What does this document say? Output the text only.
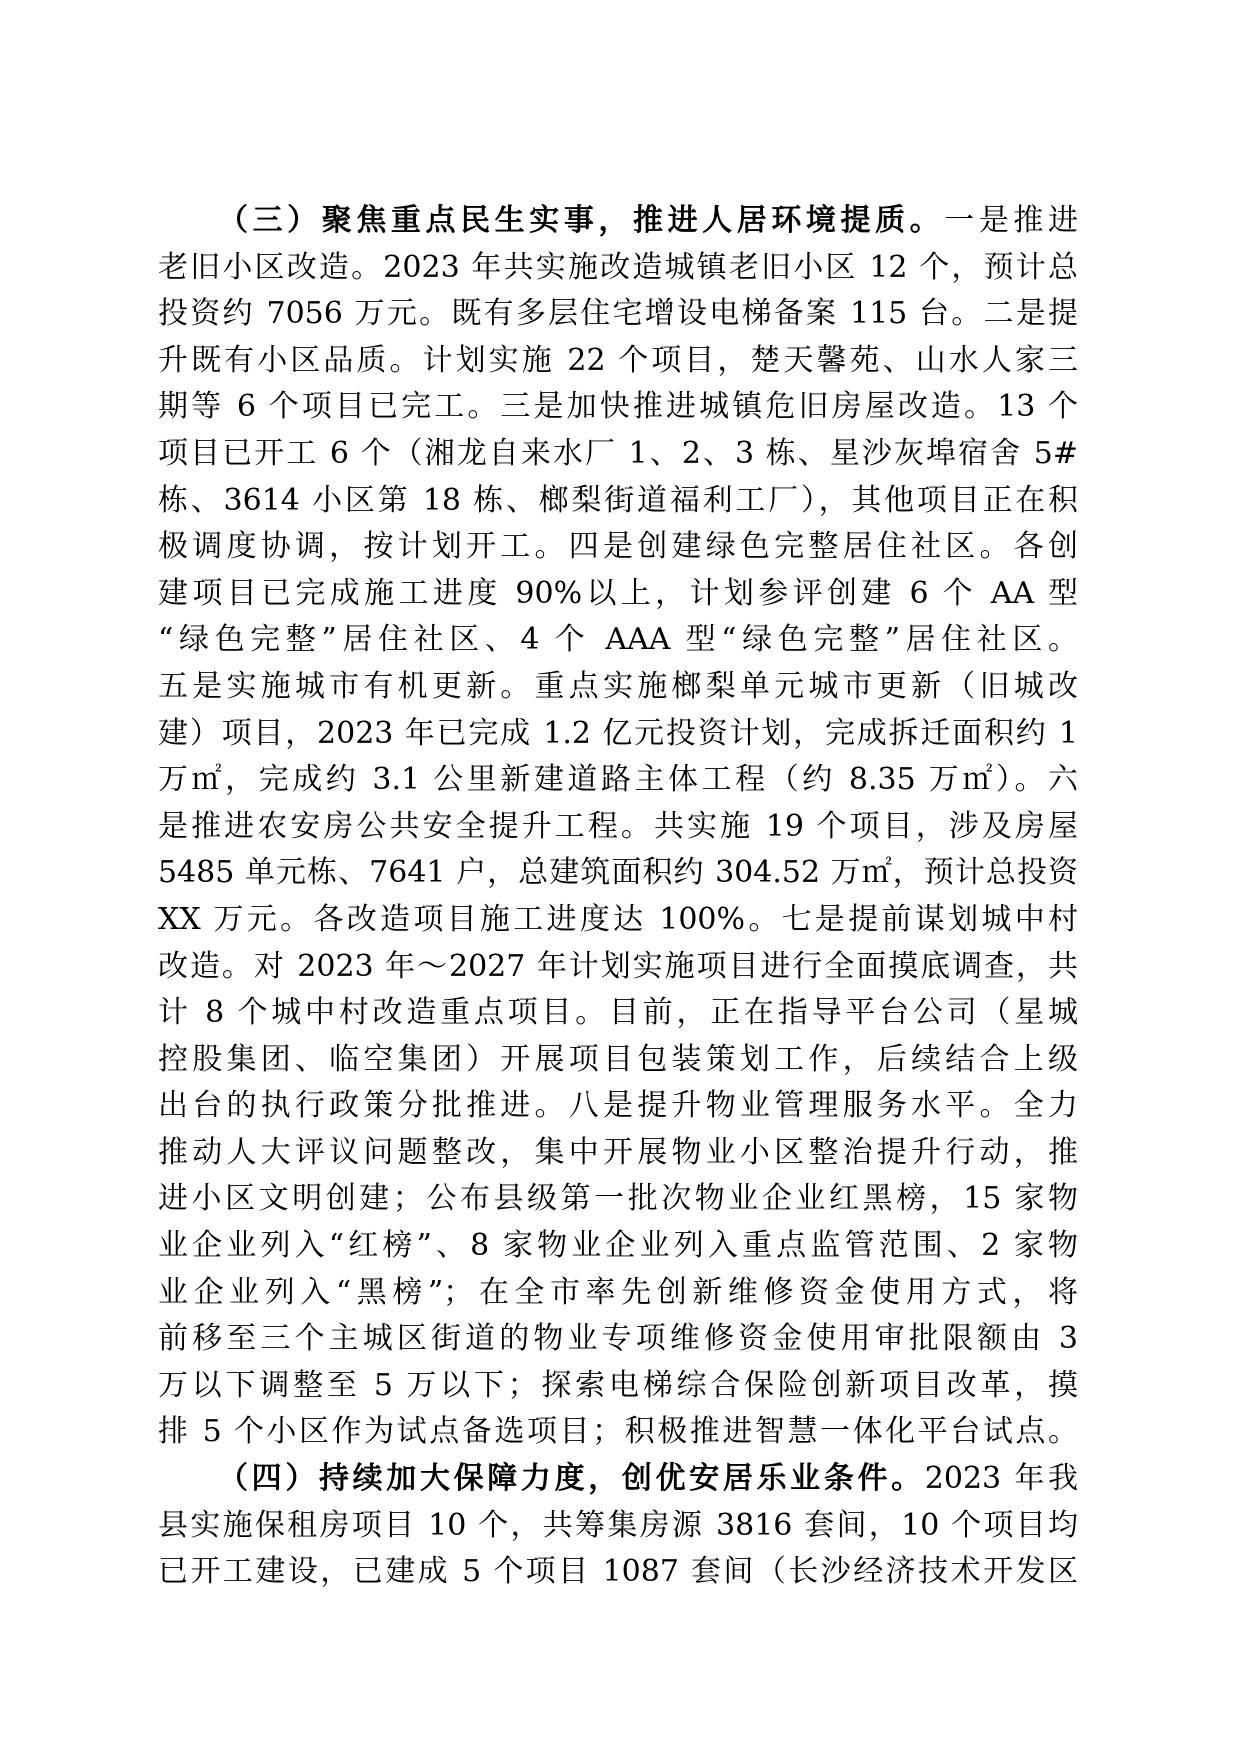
（三）聚焦重点民生实事，推进人居环境提质。一是推进
老旧小区改造。2023 年共实施改造城镇老旧小区 12 个，预计总
投资约 7056 万元。既有多层住宅增设电梯备案 115 台。二是提
升既有小区品质。计划实施 22 个项目，楚天馨苑、山水人家三
期等 6 个项目已完工。三是加快推进城镇危旧房屋改造。13 个
项目已开工 6 个（湘龙自来水厂 1、2、3 栋、星沙灰埠宿舍 5#
栋、3614 小区第 18 栋、榔梨街道福利工厂），其他项目正在积
极调度协调，按计划开工。四是创建绿色完整居住社区。各创
建项目已完成施工进度 90%以上，计划参评创建 6 个 AA 型
“绿色完整”居住社区、4 个 AAA 型“绿色完整”居住社区。
五是实施城市有机更新。重点实施榔梨单元城市更新（旧城改
建）项目，2023 年已完成 1.2 亿元投资计划，完成拆迁面积约 1
万㎡，完成约 3.1 公里新建道路主体工程（约 8.35 万㎡）。六
是推进农安房公共安全提升工程。共实施 19 个项目，涉及房屋
5485 单元栋、7641 户，总建筑面积约 304.52 万㎡，预计总投资
XX 万元。各改造项目施工进度达 100%。七是提前谋划城中村
改造。对 2023 年～2027 年计划实施项目进行全面摸底调查，共
计 8 个城中村改造重点项目。目前，正在指导平台公司（星城
控股集团、临空集团）开展项目包装策划工作，后续结合上级
出台的执行政策分批推进。八是提升物业管理服务水平。全力
推动人大评议问题整改，集中开展物业小区整治提升行动，推
进小区文明创建；公布县级第一批次物业企业红黑榜，15 家物
业企业列入“红榜”、8 家物业企业列入重点监管范围、2 家物
业企业列入“黑榜”；在全市率先创新维修资金使用方式，将
前移至三个主城区街道的物业专项维修资金使用审批限额由 3
万以下调整至 5 万以下；探索电梯综合保险创新项目改革，摸
排 5 个小区作为试点备选项目；积极推进智慧一体化平台试点。
（四）持续加大保障力度，创优安居乐业条件。2023 年我
县实施保租房项目 10 个，共筹集房源 3816 套间，10 个项目均
已开工建设，已建成 5 个项目 1087 套间（长沙经济技术开发区
